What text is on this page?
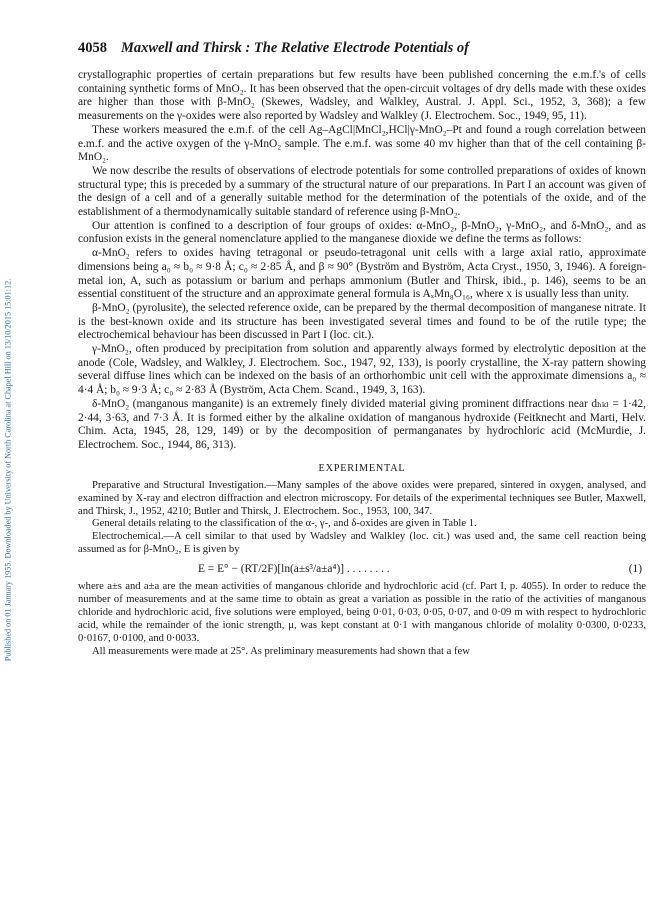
Published on 01 January 1955. Downloaded by University of North Carolina at Chapel Hill on 13/10/2015 15:01:12.
4058 Maxwell and Thirsk : The Relative Electrode Potentials of

crystallographic properties of certain preparations but few results have been published concerning the e.m.f.'s of cells containing synthetic forms of MnO₂. It has been observed that the open-circuit voltages of dry dells made with these oxides are higher than those with β-MnO₂ (Skewes, Wadsley, and Walkley, Austral. J. Appl. Sci., 1952, 3, 368); a few measurements on the γ-oxides were also reported by Wadsley and Walkley (J. Electrochem. Soc., 1949, 95, 11).

These workers measured the e.m.f. of the cell Ag–AgCl|MnCl₂,HCl|γ-MnO₂–Pt and found a rough correlation between e.m.f. and the active oxygen of the γ-MnO₂ sample. The e.m.f. was some 40 mv higher than that of the cell containing β-MnO₂.

We now describe the results of observations of electrode potentials for some controlled preparations of oxides of known structural type; this is preceded by a summary of the structural nature of our preparations. In Part I an account was given of the design of a cell and of a generally suitable method for the determination of the potentials of the oxide, and of the establishment of a thermodynamically suitable standard of reference using β-MnO₂.

Our attention is confined to a description of four groups of oxides: α-MnO₂, β-MnO₂, γ-MnO₂, and δ-MnO₂, and as confusion exists in the general nomenclature applied to the manganese dioxide we define the terms as follows:

α-MnO₂ refers to oxides having tetragonal or pseudo-tetragonal unit cells with a large axial ratio, approximate dimensions being a₀ ≈ b₀ ≈ 9·8 Å; c₀ ≈ 2·85 Å, and β ≈ 90° (Byström and Byström, Acta Cryst., 1950, 3, 1946). A foreign-metal ion, A, such as potassium or barium and perhaps ammonium (Butler and Thirsk, ibid., p. 146), seems to be an essential constituent of the structure and an approximate general formula is AₓMn₈O₁₆, where x is usually less than unity.

β-MnO₂ (pyrolusite), the selected reference oxide, can be prepared by the thermal decomposition of manganese nitrate. It is the best-known oxide and its structure has been investigated several times and found to be of the rutile type; the electrochemical behaviour has been discussed in Part I (loc. cit.).

γ-MnO₂, often produced by precipitation from solution and apparently always formed by electrolytic deposition at the anode (Cole, Wadsley, and Walkley, J. Electrochem. Soc., 1947, 92, 133), is poorly crystalline, the X-ray pattern showing several diffuse lines which can be indexed on the basis of an orthorhombic unit cell with the approximate dimensions a₀ ≈ 4·4 Å; b₀ ≈ 9·3 Å; c₀ ≈ 2·83 Å (Byström, Acta Chem. Scand., 1949, 3, 163).

δ-MnO₂ (manganous manganite) is an extremely finely divided material giving prominent diffractions near dₕₖₗ = 1·42, 2·44, 3·63, and 7·3 Å. It is formed either by the alkaline oxidation of manganous hydroxide (Feitknecht and Marti, Helv. Chim. Acta, 1945, 28, 129, 149) or by the decomposition of permanganates by hydrochloric acid (McMurdie, J. Electrochem. Soc., 1944, 86, 313).

EXPERIMENTAL

Preparative and Structural Investigation.—Many samples of the above oxides were prepared, sintered in oxygen, analysed, and examined by X-ray and electron diffraction and electron microscopy. For details of the experimental techniques see Butler, Maxwell, and Thirsk, J., 1952, 4210; Butler and Thirsk, J. Electrochem. Soc., 1953, 100, 347.

General details relating to the classification of the α-, γ-, and δ-oxides are given in Table 1.

Electrochemical.—A cell similar to that used by Wadsley and Walkley (loc. cit.) was used and, the same cell reaction being assumed as for β-MnO₂, E is given by

E = E° − (RT/2F)[ln(a±s³/a±a⁴)] . . . . . . . .	(1)

where a±s and a±a are the mean activities of manganous chloride and hydrochloric acid (cf. Part I, p. 4055). In order to reduce the number of measurements and at the same time to obtain as great a variation as possible in the ratio of the activities of manganous chloride and hydrochloric acid, five solutions were employed, being 0·01, 0·03, 0·05, 0·07, and 0·09 m with respect to hydrochloric acid, while the remainder of the ionic strength, μ, was kept constant at 0·1 with manganous chloride of molality 0·0300, 0·0233, 0·0167, 0·0100, and 0·0033.

All measurements were made at 25°. As preliminary measurements had shown that a few
